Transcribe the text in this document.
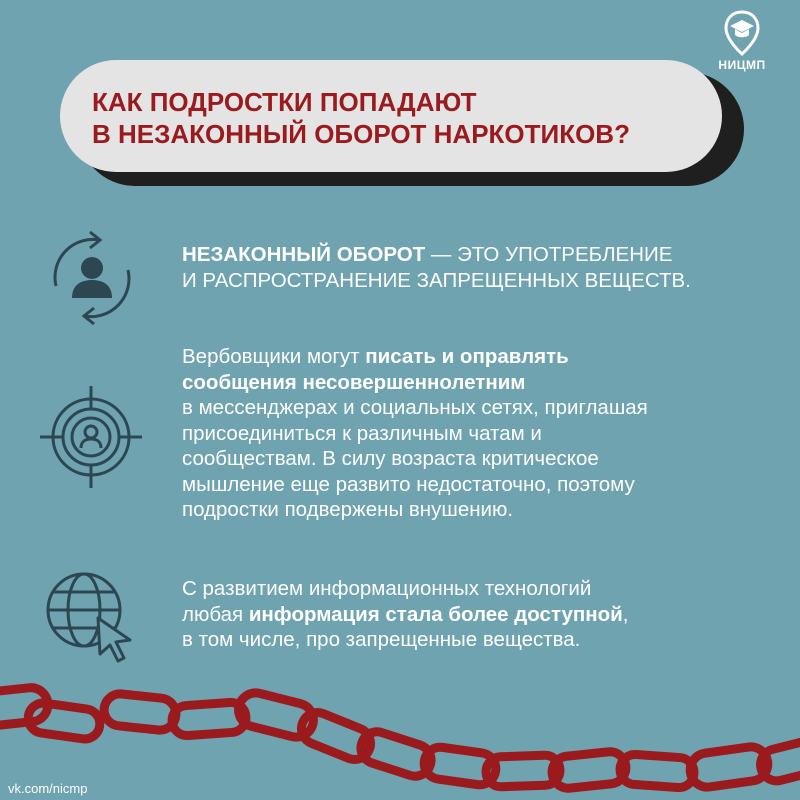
НИЦМП
КАК ПОДРОСТКИ ПОПАДАЮТ
В НЕЗАКОННЫЙ ОБОРОТ НАРКОТИКОВ?
НЕЗАКОННЫЙ ОБОРОТ — ЭТО УПОТРЕБЛЕНИЕ
И РАСПРОСТРАНЕНИЕ ЗАПРЕЩЕННЫХ ВЕЩЕСТВ.
Вербовщики могут писать и оправлять
сообщения несовершеннолетним
в мессенджерах и социальных сетях, приглашая
присоединиться к различным чатам и
сообществам. В силу возраста критическое
мышление еще развито недостаточно, поэтому
подростки подвержены внушению.
С развитием информационных технологий
любая информация стала более доступной,
в том числе, про запрещенные вещества.
vk.com/nicmp
